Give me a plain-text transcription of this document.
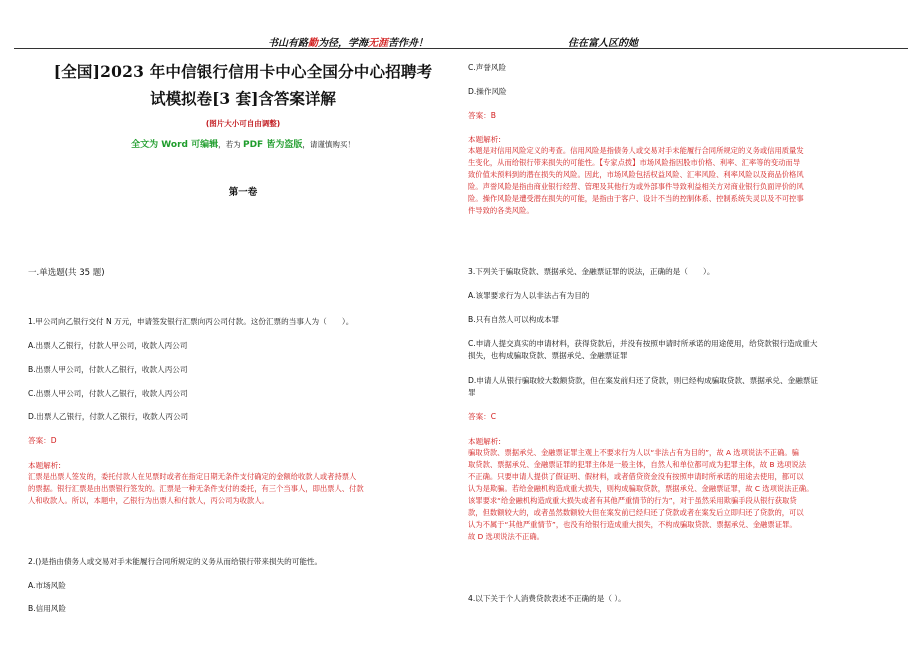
书山有路勤为径，学海无涯苦作舟！	住在富人区的她
[全国]2023 年中信银行信用卡中心全国分中心招聘考
试模拟卷[3 套]含答案详解
(图片大小可自由调整)
全文为 Word 可编辑，若为 PDF 皆为盗版，请谨慎购买！
第一卷
一.单选题(共 35 题)
1.甲公司向乙银行交付 N 万元，申请签发银行汇票向丙公司付款。这份汇票的当事人为（　　）。
A.出票人乙银行，付款人甲公司，收款人丙公司
B.出票人甲公司，付款人乙银行，收款人丙公司
C.出票人甲公司，付款人乙银行，收款人丙公司
D.出票人乙银行，付款人乙银行，收款人丙公司
答案：D
本题解析:
汇票是出票人签发的，委托付款人在见票时或者在指定日期无条件支付确定的金额给收款人或者持票人
的票据。银行汇票是由出票银行签发的。汇票是一种无条件支付的委托，有三个当事人，即出票人、付款
人和收款人。所以，本题中，乙银行为出票人和付款人，丙公司为收款人。
2.()是指由债务人或交易对手未能履行合同所规定的义务从而给银行带来损失的可能性。
A.市场风险
B.信用风险
C.声誉风险
D.操作风险
答案：B
本题解析:
本题是对信用风险定义的考查。信用风险是指债务人或交易对手未能履行合同所规定的义务或信用质量发
生变化，从而给银行带来损失的可能性。【专家点拨】市场风险指因股市价格、利率、汇率等的变动而导
致价值未预料到的潜在损失的风险。因此，市场风险包括权益风险、汇率风险、利率风险以及商品价格风
险。声誉风险是指由商业银行经营、管理及其他行为或外部事件导致利益相关方对商业银行负面评价的风
险。操作风险是遭受潜在损失的可能，是指由于客户、设计不当的控制体系、控制系统失灵以及不可控事
件导致的各类风险。
3.下列关于骗取贷款、票据承兑、金融票证罪的说法，正确的是（　　）。
A.该罪要求行为人以非法占有为目的
B.只有自然人可以构成本罪
C.申请人提交真实的申请材料，获得贷款后，并没有按照申请时所承诺的用途使用，给贷款银行造成重大
损失，也构成骗取贷款、票据承兑、金融票证罪
D.申请人从银行骗取较大数额贷款，但在案发前归还了贷款，则已经构成骗取贷款、票据承兑、金融票证
罪
答案：C
本题解析:
骗取贷款、票据承兑、金融票证罪主观上不要求行为人以“非法占有为目的”，故 A 选项说法不正确。骗
取贷款、票据承兑、金融票证罪的犯罪主体是一般主体，自然人和单位都可成为犯罪主体，故 B 选项说法
不正确。只要申请人提供了假证明、假材料，或者借贷资金没有按照申请时所承诺的用途去使用，都可以
认为是欺骗。若给金融机构造成重大损失，则构成骗取贷款，票据承兑、金融票证罪，故 C 选项说法正确。
该罪要求“给金融机构造成重大损失或者有其他严重情节的行为”，对于虽然采用欺骗手段从银行获取贷
款，但数额较大的，或者虽然数额较大但在案发前已经归还了贷款或者在案发后立即归还了贷款的，可以
认为不属于“其他严重情节”，也没有给银行造成重大损失，不构成骗取贷款、票据承兑、金融票证罪。
故 D 选项说法不正确。
4.以下关于个人消费贷款表述不正确的是（ ）。
